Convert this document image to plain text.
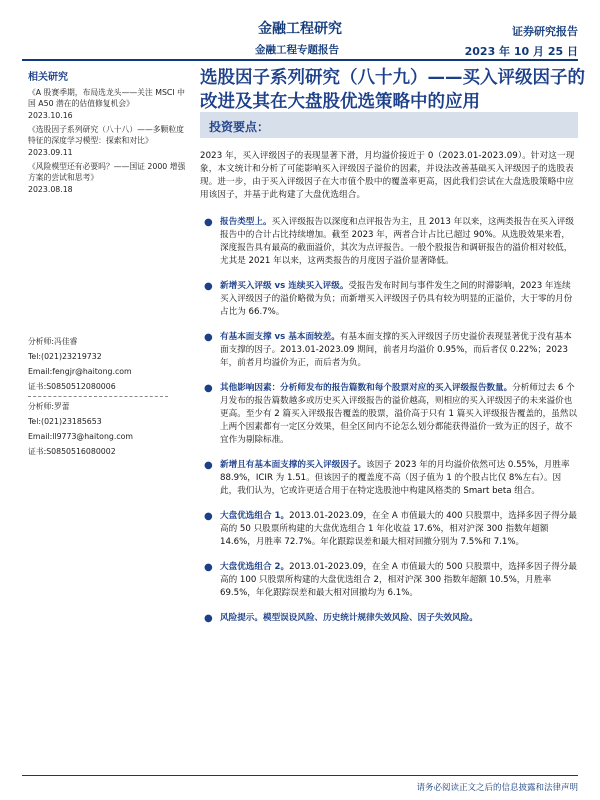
金融工程研究
金融工程专题报告
证券研究报告
2023 年 10 月 25 日
选股因子系列研究（八十九）——买入评级因子的改进及其在大盘股优选策略中的应用
投资要点：
相关研究
《A 股赛季期，布局选龙头——关注 MSCI 中国 A50 潜在的估值修复机会》
2023.10.16
《选股因子系列研究（八十八）——多颗粒度特征的深度学习模型：探索和对比》
2023.09.11
《风险模型还有必要吗？——国证 2000 增强方案的尝试和思考》
2023.08.18
分析师:冯佳睿
Tel:(021)23219732
Email:fengjr@haitong.com
证书:S0850512080006
分析师:罗蕾
Tel:(021)23185653
Email:ll9773@haitong.com
证书:S0850516080002

2023 年，买入评级因子的表现显著下滑，月均溢价接近于 0（2023.01-2023.09）。针对这一现象，本文统计和分析了可能影响买入评级因子溢价的因素，并设法改善基础买入评级因子的选股表现。进一步，由于买入评级因子在大市值个股中的覆盖率更高，因此我们尝试在大盘选股策略中应用该因子，并基于此构建了大盘优选组合。

● 报告类型上。买入评级报告以深度和点评报告为主，且 2013 年以来，这两类报告在买入评级报告中的合计占比持续增加。截至 2023 年，两者合计占比已超过 90%。从选股效果来看，深度报告具有最高的截面溢价，其次为点评报告。一般个股报告和调研报告的溢价相对较低，尤其是 2021 年以来，这两类报告的月度因子溢价显著降低。
● 新增买入评级 vs 连续买入评级。受报告发布时间与事件发生之间的时滞影响，2023 年连续买入评级因子的溢价略微为负；而新增买入评级因子仍具有较为明显的正溢价，大于零的月份占比为 66.7%。
● 有基本面支撑 vs 基本面较差。有基本面支撑的买入评级因子历史溢价表现显著优于没有基本面支撑的因子。2013.01-2023.09 期间，前者月均溢价 0.95%，而后者仅 0.22%；2023 年，前者月均溢价为正，而后者为负。
● 其他影响因素：分析师发布的报告篇数和每个股票对应的买入评级报告数量。分析师过去 6 个月发布的报告篇数越多或历史买入评级报告的溢价越高，则相应的买入评级因子的未来溢价也更高。至少有 2 篇买入评级报告覆盖的股票，溢价高于只有 1 篇买入评级报告覆盖的，虽然以上两个因素都有一定区分效果，但全区间内不论怎么划分都能获得溢价一致为正的因子，故不宜作为剔除标准。
● 新增且有基本面支撑的买入评级因子。该因子 2023 年的月均溢价依然可达 0.55%，月胜率 88.9%，ICIR 为 1.51。但该因子的覆盖度不高（因子值为 1 的个股占比仅 8%左右）。因此，我们认为，它或许更适合用于在特定选股池中构建风格类的 Smart beta 组合。
● 大盘优选组合 1。2013.01-2023.09，在全 A 市值最大的 400 只股票中，选择多因子得分最高的 50 只股票所构建的大盘优选组合 1 年化收益 17.6%，相对沪深 300 指数年超额 14.6%，月胜率 72.7%。年化跟踪误差和最大相对回撤分别为 7.5%和 7.1%。
● 大盘优选组合 2。2013.01-2023.09，在全 A 市值最大的 500 只股票中，选择多因子得分最高的 100 只股票所构建的大盘优选组合 2，相对沪深 300 指数年超额 10.5%，月胜率 69.5%，年化跟踪误差和最大相对回撤均为 6.1%。
● 风险提示。模型误设风险、历史统计规律失效风险、因子失效风险。
请务必阅读正文之后的信息披露和法律声明
